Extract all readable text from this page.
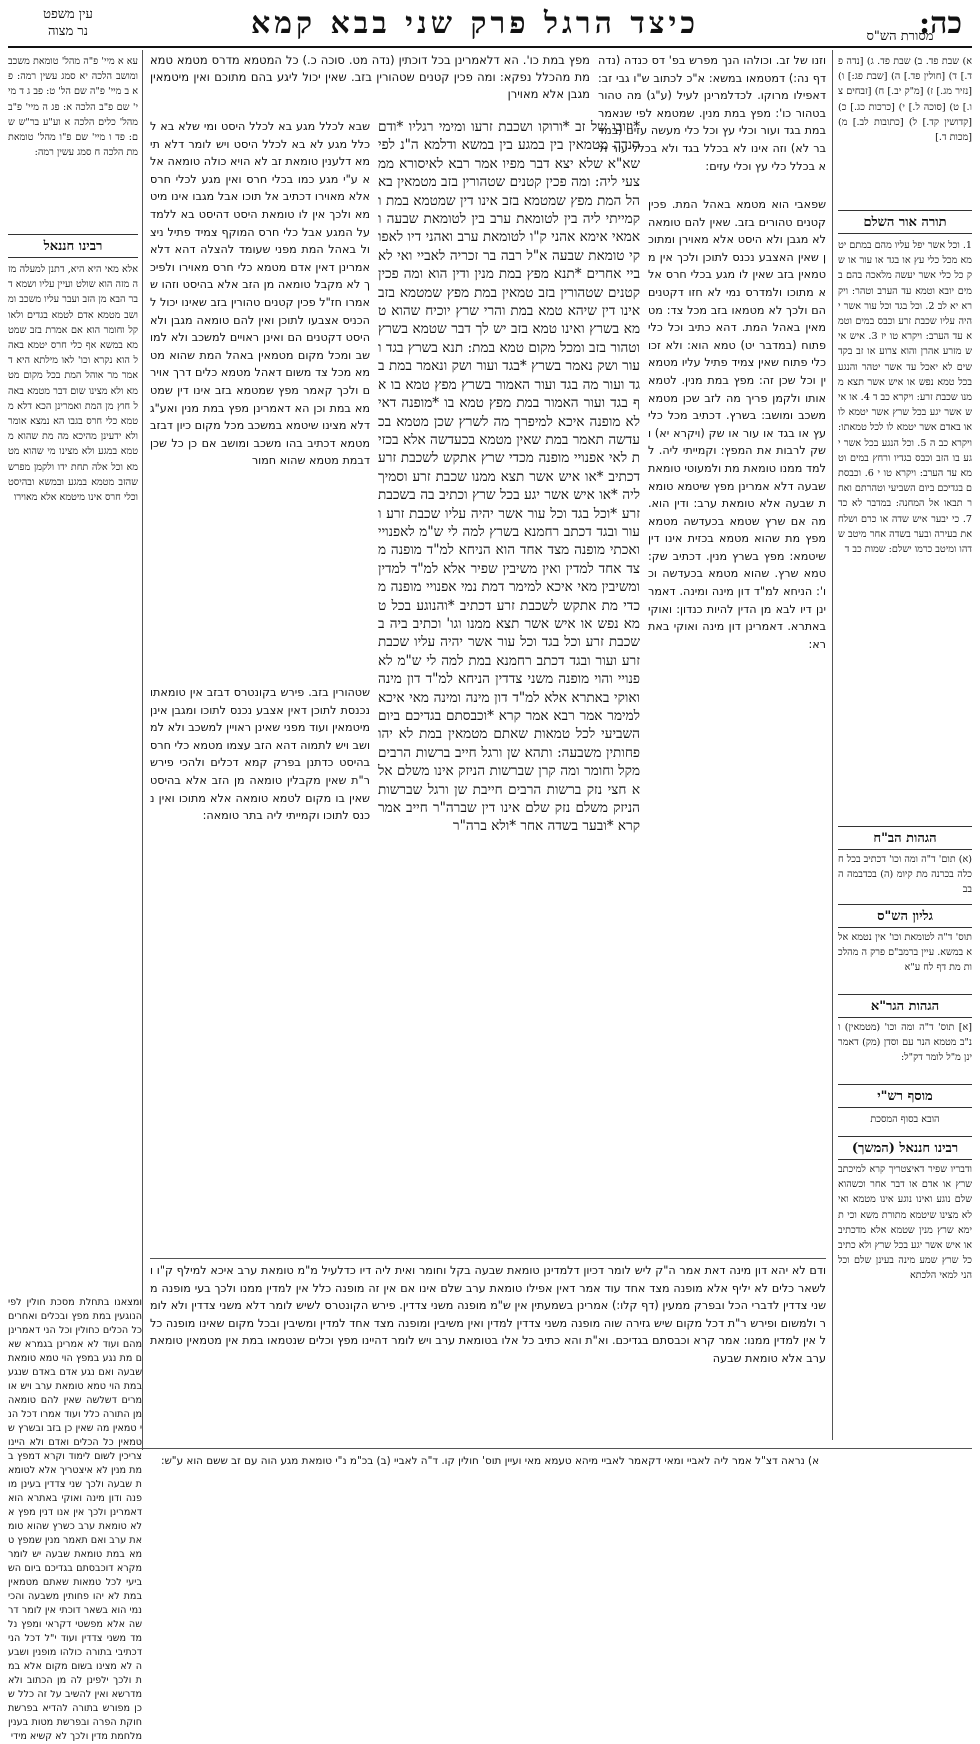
כה:
כיצד הרגל פרק שני בבא קמא
עין משפט
נר מצוה	מסורת הש"ס
עא א מיי' פ"ה מהל' טומאת משכב ומושב הלכה יא סמג עשין רמה: פא ב מיי' פ"ה שם הל' ט: פב ג ד מיי' שם פ"ב הלכה א: פג ה מיי' פ"ב מהל' כלים הלכה א וע"ע בר"ש שם: פד ו מיי' שם פ"ו מהל' טומאת מת הלכה ח סמג עשין רמה:
רבינו חננאל
אלא מאי היא היא, דתנן למעלה מזה מזה הוא שולט ועיין עליו ושמא דבר הבא מן הזב ועבר עליו משכב ומושב מטמא אדם לטמא בגדים ולאו קל וחומר הוא אם אמרת בזב שמטמא במשא אף כלי חרס יטמא באהל הוא נקרא וכו' לאו מילתא היא דאמר מר אוהל המת בכל מקום מטמא ולא מצינו שום דבר מטמא באהל חוץ מן המת ואמרינן הכא דלא מטמא כלי חרס בגבו הא נמצא אומר ולא ידעינן מהיכא מה מת שהוא מטמא במגע ולא מצינו מי שהוא מטמא וכל אלה תחת ידו ולקמן מפרש שהזב מטמא במגע ובמשא ובהיסט וכלי חרס אינו מיטמא אלא מאוירו
א) שבת פד. ב) שבת פד. ג) [נדה פד.] ד) [חולין פד.] ה) [שבת פג:] ו) [נזיר מג.] ז) [מ"ק יב.] ח) [זבחים צו.] ט) [סוכה ל.] י) [כרכות כג.] כ) [קדושין קד.] ל) [כתובות לב.] מ) [מכות ד.]
תורה אור השלם
1. וכל אשר יפל עליו מהם במתם יטמא מכל כלי עץ או בגד או עור או שק כל כלי אשר יעשה מלאכה בהם במים יובא וטמא עד הערב וטהר: ויקרא יא לב 2. וכל בגד וכל עור אשר יהיה עליו שכבת זרע וכבס במים וטמא עד הערב: ויקרא טו יז 3. איש איש מזרע אהרן והוא צרוע או זב בקדשים לא יאכל עד אשר יטהר והנגע בכל טמא נפש או איש אשר תצא ממנו שכבת זרע: ויקרא כב ד 4. או איש אשר יגע בכל שרץ אשר יטמא לו או באדם אשר יטמא לו לכל טמאתו: ויקרא כב ה 5. וכל הנגע בכל אשר יגע בו הזב וכבס בגדיו ורחץ במים וטמא עד הערב: ויקרא טו י 6. וכבסתם בגדיכם ביום השביעי וטהרתם ואחר תבאו אל המחנה: במדבר לא כד 7. כי יבער איש שדה או כרם ושלח את בעירה ובער בשדה אחר מיטב שדהו ומיטב כרמו ישלם: שמות כב ד
הגהות הב"ח
(א) תום' ד"ה ומה וכו' דכתיב בכל חכלה בכרנה מת קיומ (ה) בכדבמה הבב
גליון הש"ס
תוס' ד"ה לטומאת וכו' אין נטמא אלא במשא. עיין ברמב"ם פרק ה מהלכות מת דף לח ע"א
הגהות הגר"א
[א] תוס' ד"ה ומה וכו' (מטמאין) ונ"ב מטמא הנר עם וסדן (מק) דאמרינן מ"ל לומר דק"ל:
מוסף רש"י
הובא בסוף המסכת
רבינו חננאל (המשך)
ודבריו שפיר דאיצטריך קרא למיכתב שרץ או אדם או דבר אחר וכשהוא שלם נוגע ואינו נוגע אינו מטמא ואי לא מצינו שיטמא מתורת משא וכי תימא שרץ מנין שטמא אלא מדכתיב או איש אשר יגע בכל שרץ ולא כתיב כל שרץ שמע מינה בעינן שלם וכל הני למאי הלכתא
מפץ במת כו'. הא דלאמרינן בכל דוכתין (נדה מט. סוכה כ.) כל המטמא מדרס מטמא טמא מת מהכלל נפקא: ומה פכין קטנים שטהורין בזב. שאין יכול ליגע בהם מתוכם ואין מיטמאין מגבן אלא מאוירן
וזנו של זב. וכולהו הנך מפרש בפ' דס כנדה (נדה דף נה:) דמטמאו במשא: א"כ לכתוב ש"ו גבי זב: דאפילו מרוקו. לכדלמרינן לעיל (ע"ג) מה טהור בטהור כו': מפץ במת מנין. שמטמא לפי שנאמר במת בגד ועור וכלי עץ וכל כלי מעשה עזים (במדבר לא) וזה אינו לא בכלל בגד ולא בכלל עור ולא בכלל כלי עץ וכלי עזים:
שבא לכלל מגע בא לכלל היסט ומי שלא בא לכלל מגע לא בא לכלל היסט ויש לומר דלא תימא דלענין טומאת זב לא הויא כולה טומאה אלא ע"י מגע כמו בכלי חרס ואין מגע לכלי חרס אלא מאוירו דכתיב אל תוכו אבל מגבו אינו מיטמא ולכך אין לו טומאת היסט דהיסט בא ללמד על המגע אבל כלי חרס המוקף צמיד פתיל ניצול באהל המת מפני שעומד להצלה דהא דלא אמרינן דאין אדם מטמא כלי חרס מאוירו ולפיכך לא מקבל טומאה מן הזב אלא בהיסט וזהו שאמרו חז"ל פכין קטנים טהורין בזב שאינו יכול להכניס אצבעו לתוכן ואין להם טומאה מגבן ולא היסט דקטנים הם ואינן ראויים למשכב ולא למושב ומכל מקום מטמאין באהל המת שהוא מטמא מכל צד משום דאהל מטמא כלים דרך אוירם ולכך קאמר מפץ שמטמא בזב אינו דין שמטמא במת וכן הא דאמרינן מפץ במת מנין ואע"ג דלא מצינו שיטמא במשכב מכל מקום כיון דבזב מטמא דכתיב בהו משכב ומושב אם כן כל שכן דבמת מטמא שהוא חמור
שטהורין בזב. פירש בקונטרס דבזב אין טומאתו נכנסת לתוכן דאין אצבע נכנס לתוכו ומגבן אינן מיטמאין ועוד מפני שאינן ראויין למשכב ולא למושב ויש לתמוה דהא הזב עצמו מטמא כלי חרס בהיסט כדתנן בפרק קמא דכלים ולהכי פירש ר"ת שאין מקבלין טומאה מן הזב אלא בהיסט שאין בו מקום לטמא טומאה אלא מתוכו ואין נכנס לתוכו וקמייתי ליה בתר טומאה:
*וזובו של זב *ורוקו ושכבת זרעו ומימי רגליו *ודם הנדה מטמאין בין במגע בין במשא ודלמא ה"נ לפי שא"א שלא יצא דבר מפיו אמר רבא לאיסורא ממצעי ליה: ומה פכין קטנים שטהורין בזב מטמאין באהל המת מפץ שמטמא בזב אינו דין שמטמא במת וקמייתי ליה בין לטומאת ערב בין לטומאת שבעה ואמאי אימא אהני ק"ו לטומאת ערב ואהני דיו לאפוקי טומאת שבעה א"ל רבה בר זכריה לאביי ואי לאביי אחרים *תנא מפץ במת מנין ודין הוא ומה פכין קטנים שטהורין בזב טמאין במת מפץ שמטמא בזב אינו דין שיהא טמא במת והרי שרץ יוכיח שהוא טמא בשרץ ואינו טמא בזב יש לך דבר שטמא בשרץ וטהור בזב ומכל מקום טמא במת: תנא בשרץ בגד ועור ושק נאמר בשרץ *בגד ועור ושק ונאמר במת בגד ועור מה בגד ועור האמור בשרץ מפץ טמא בו אף בגד ועור האמור במת מפץ טמא בו *מופנה דאי לא מופנה איכא למיפרך מה לשרץ שכן מטמא בכעדשה תאמר במת שאין מטמא בכעדשה אלא בכזית לאי אפנויי מופנה מכדי שרץ אתקש לשכבת זרע דכתיב *או איש אשר תצא ממנו שכבת זרע וסמיך ליה *או איש אשר יגע בכל שרץ וכתיב בה בשכבת זרע *וכל בגד וכל עור אשר יהיה עליו שכבת זרע ועור ובגד דכתב רחמנא בשרץ למה לי ש"מ לאפנויי ואכתי מופנה מצד אחד הוא הניחא למ"ד מופנה מצד אחד למדין ואין משיבין שפיר אלא למ"ד למדין ומשיבין מאי איכא למימר דמת נמי אפנויי מופנה מכדי מת אתקש לשכבת זרע דכתיב *והנוגע בכל טמא נפש או איש אשר תצא ממנו וגו' וכתיב ביה בשכבת זרע וכל בגד וכל עור אשר יהיה עליו שכבת זרע ועור ובגד דכתב רחמנא במת למה לי ש"מ לאפנויי והוי מופנה משני צדדין הניחא למ"ד דון מינה ואוקי באתרא אלא למ"ד דון מינה ומינה מאי איכא למימר אמר רבא אמר קרא *וכבסתם בגדיכם ביום השביעי לכל טמאות שאתם מטמאין במת לא יהו פחותין משבעה: ותהא שן ורגל חייב ברשות הרבים מקל וחומר ומה קרן שברשות הניזק אינו משלם אלא חצי נזק ברשות הרבים חייבת שן ורגל שברשות הניזק משלם נזק שלם אינו דין שברה"ר חייב אמר קרא *ובער בשדה אחר *ולא ברה"ר
שפאבי הוא מטמא באהל המת. פכין קטנים טהורים בזב. שאין להם טומאה לא מגבן ולא היסט אלא מאוירן ומתוכן שאין האצבע נכנס לתוכן ולכך אין מטמאין בזב שאין לו מגע בכלי חרס אלא מתוכו ולמדרס נמי לא חזו דקטנים הם ולכך לא מטמאו בזב מכל צד: מטמאין באהל המת. דהא כתיב וכל כלי פתוח (במדבר יט) טמא הוא: ולא זכו כלי פתוח שאין צמיד פתיל עליו מטמאין וכל שכן זה: מפץ במת מנין. לטמא אותו ולקמן פריך מה לזב שכן מטמא משכב ומושב: בשרץ. דכתיב מכל כלי עץ או בגד או עור או שק (ויקרא יא) ושק לרבות את המפץ: וקמייתי ליה. ללמד ממנו טומאת מת ולמעוטי טומאת שבעה דלא אמרינן מפץ שיטמא טומאת שבעה אלא טומאת ערב: ודין הוא. מה אם שרץ שטמא בכעדשה מטמא מפץ מת שהוא מטמא בכזית אינו דין שיטמא: מפץ בשרץ מנין. דכתיב שק: טמא שרץ. שהוא מטמא בכעדשה וכו': הניחא למ"ד דון מינה ומינה. דאמרינן דיו לבא מן הדין להיות כנדון: ואוקי באתרא. דאמרינן דון מינה ואוקי באתרא:
ודם לא יהא דון מינה דאת אמר ה"ק ליש לומר דכיון דלמדינן טומאת שבעה בקל וחומר ואית ליה דיו כדלעיל מ"מ טומאת ערב איכא למילף ק"ו ולשאר כלים לא יליף אלא מופנה מצד אחד עוד אמר דאין אפילו טומאת ערב שלם אינו אם אין זה מופנה כלל אין למדין ממנו ולכך בעי מופנה משני צדדין לדברי הכל ובפרק ממעין (דף קלו:) אמרינן בשמעתין אין ש"מ מופנה משני צדדין. פירש הקונטרס לשיש לומר דלא משני צדדין ולא לומר ולמשום ופירש ר"ת דכל מקום שיש גזירה שוה מופנה משני צדדין למדין ואין משיבין ומופנה מצד אחד למדין ומשיבין ובכל מקום שאינו מופנה כלל אין למדין ממנו: אמר קרא וכבסתם בגדיכם. וא"ת והא כתיב כל אלו בטומאת ערב ויש לומר דהיינו מפץ וכלים שנטמאו במת אין מטמאין טומאת ערב אלא טומאת שבעה
ומצאנו בתחלת מסכת חולין לפי הנוגעין במת מפץ ובכלים ואחרים כל הכלים כחולין וכל הני דאמרינן מהם ועוד לא אמרינן בגמרא שאם מת נגע במפץ הוי טמא טומאת שבעה ואם נגע אדם באדם שנגע במת הוי טמא טומאת ערב ויש אומרים דשלשה שאין להם טומאה מן התורה כלל ועוד אמרו דכל הני טמאין מה שאין כן בזב ובשרץ שטמאין כל הכלים ואדם ולא היינו צריכין לשום לימוד וקרא דמפץ במת מנין לא איצטריך אלא לטומאת שבעה ולכך שני צדדין בעינן מופנה ודון מינה ואוקי באתרא הוא דאמרינן ולכך אין אנו דנין מפץ אלא טומאת ערב כשרץ שהוא טומאת ערב ואם תאמר מנין שמפץ טמא במת טומאת שבעה יש לומר מקרא דוכבסתם בגדיכם ביום השביעי לכל טמאות שאתם מטמאין במת לא יהו פחותין משבעה והכי נמי הוא בשאר דוכתי אין לומר דרשה אלא מפשטי דקראי ומפץ נלמד משני צדדין ועוד י"ל דכל הני דכתיבי בתורה כולהו מופנין ושבעה לא מצינו בשום מקום אלא במת ולכך ילפינן לה מן הכתוב ולא מדרשא ואין להשיב על זה כלל שכן מפורש בתורה להדיא בפרשת חוקת הפרה ובפרשת מטות בענין מלחמת מדין ולכך לא קשיא מידי
א) נראה דצ"ל אמר ליה לאביי ומאי דקאמר לאביי מיהא טעמא מאי ועיין תוס' חולין קו. ד"ה לאביי (ב) בכ"מ נ"י טומאת מגע הוה עם זב ששם הוא ע"ש:
